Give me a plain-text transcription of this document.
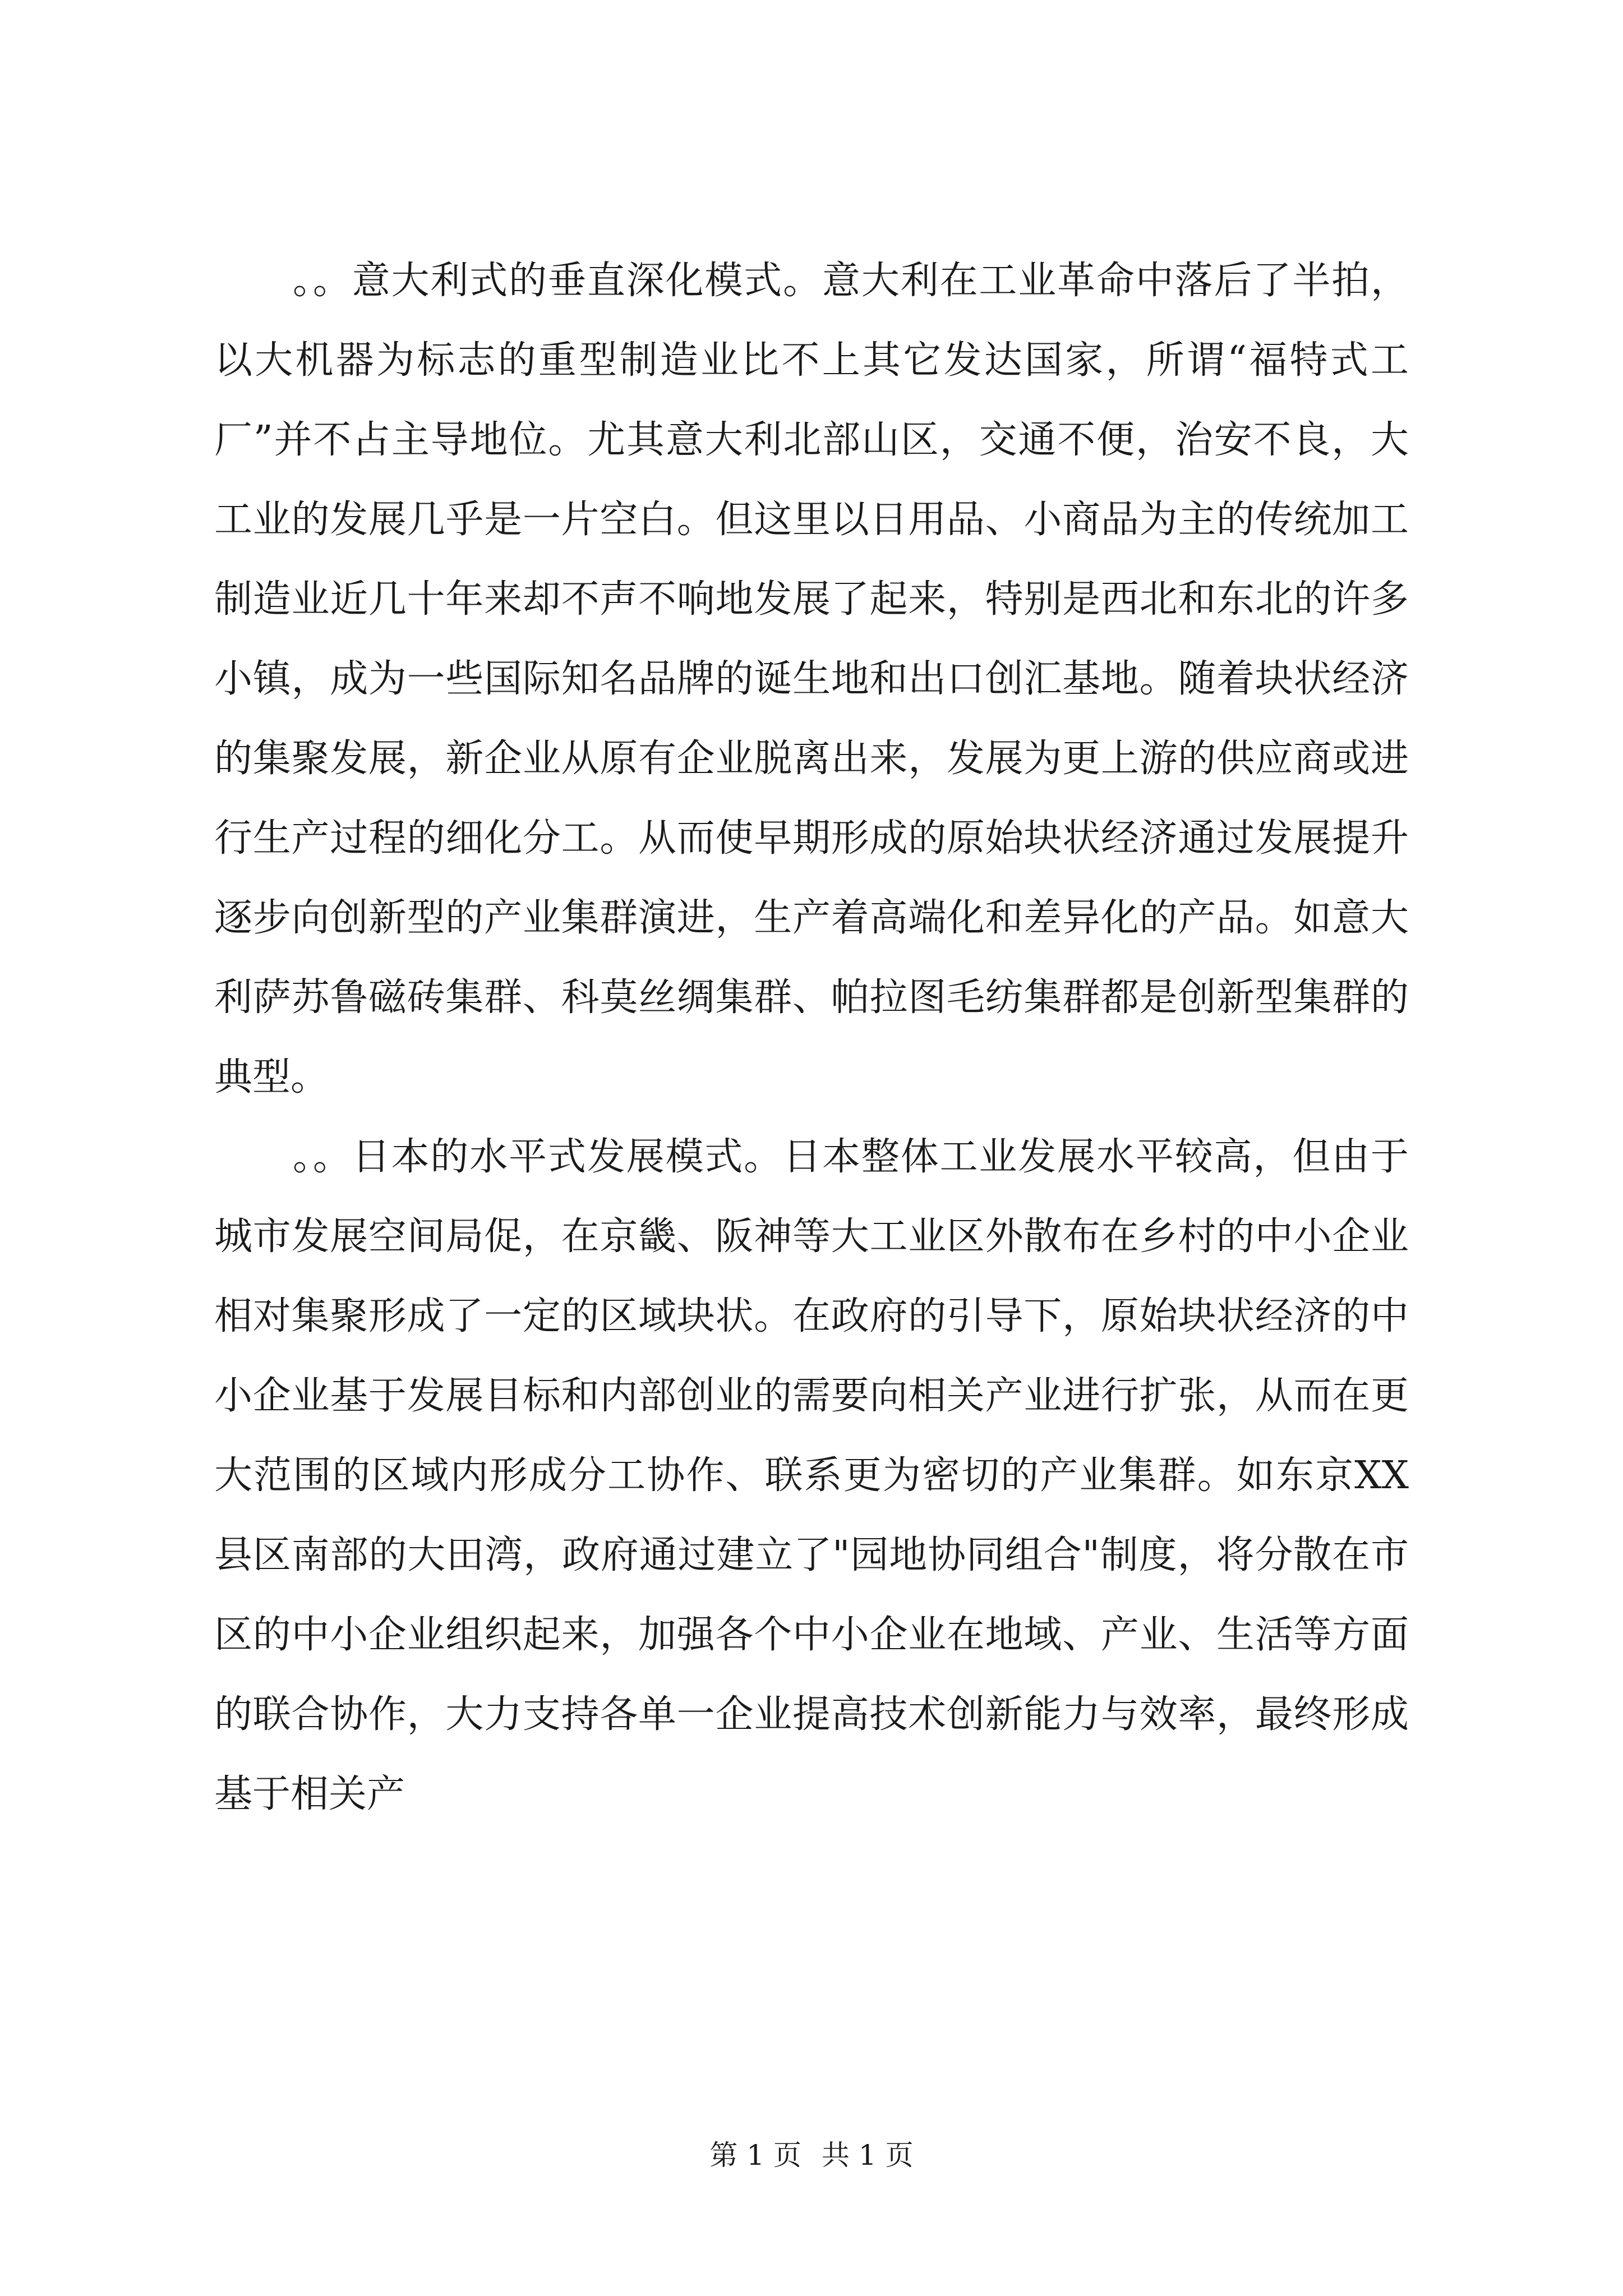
。。意大利式的垂直深化模式。意大利在工业革命中落后了半拍，以大机器为标志的重型制造业比不上其它发达国家，所谓“福特式工厂”并不占主导地位。尤其意大利北部山区，交通不便，治安不良，大工业的发展几乎是一片空白。但这里以日用品、小商品为主的传统加工制造业近几十年来却不声不响地发展了起来，特别是西北和东北的许多小镇，成为一些国际知名品牌的诞生地和出口创汇基地。随着块状经济的集聚发展，新企业从原有企业脱离出来，发展为更上游的供应商或进行生产过程的细化分工。从而使早期形成的原始块状经济通过发展提升逐步向创新型的产业集群演进，生产着高端化和差异化的产品。如意大利萨苏鲁磁砖集群、科莫丝绸集群、帕拉图毛纺集群都是创新型集群的典型。

。。日本的水平式发展模式。日本整体工业发展水平较高，但由于城市发展空间局促，在京畿、阪神等大工业区外散布在乡村的中小企业相对集聚形成了一定的区域块状。在政府的引导下，原始块状经济的中小企业基于发展目标和内部创业的需要向相关产业进行扩张，从而在更大范围的区域内形成分工协作、联系更为密切的产业集群。如东京XX县区南部的大田湾，政府通过建立了"园地协同组合"制度，将分散在市区的中小企业组织起来，加强各个中小企业在地域、产业、生活等方面的联合协作，大力支持各单一企业提高技术创新能力与效率，最终形成基于相关产

第 1 页 共 1 页
